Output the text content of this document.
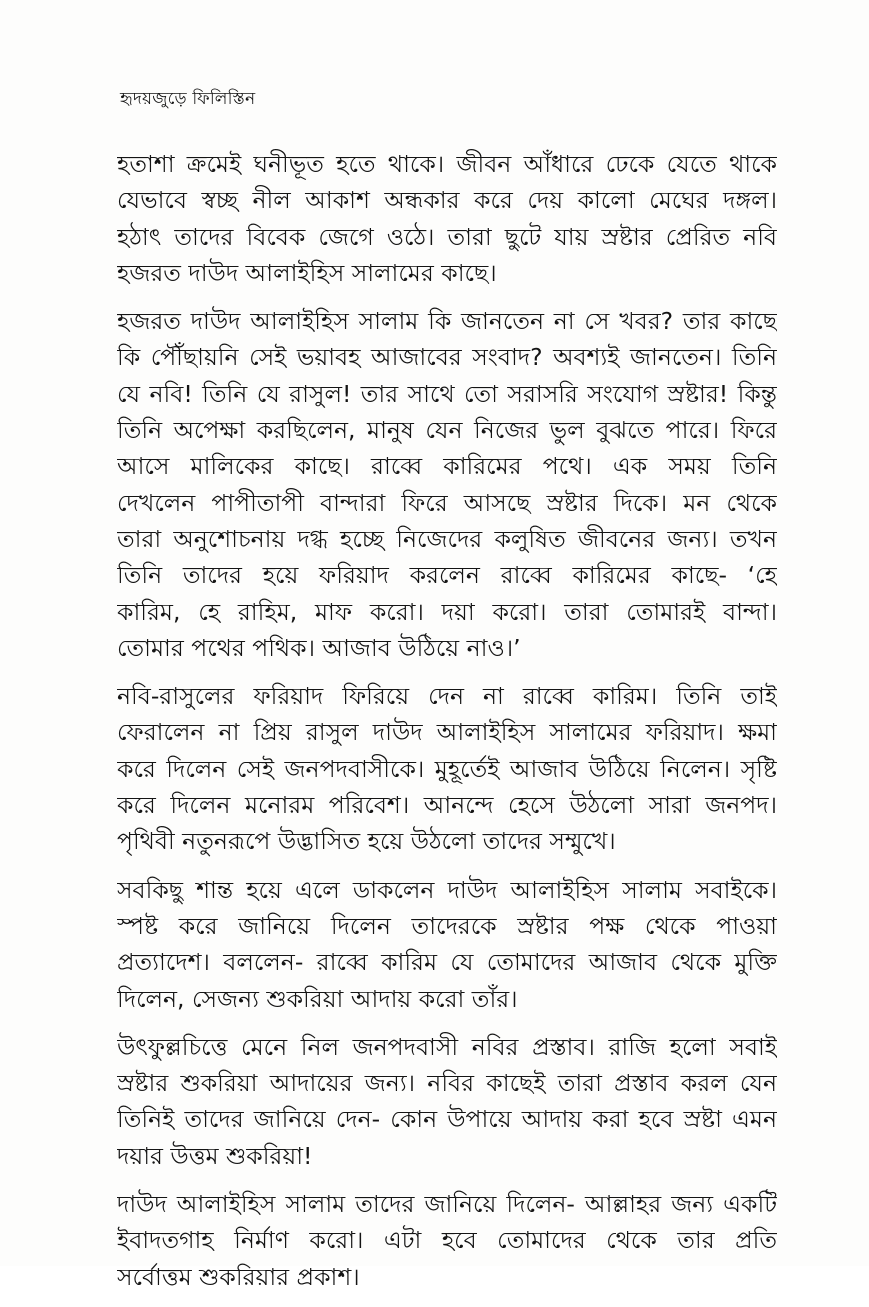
হৃদয়জুড়ে ফিলিস্তিন
হতাশা ক্রমেই ঘনীভূত হতে থাকে। জীবন আঁধারে ঢেকে যেতে থাকে
যেভাবে স্বচ্ছ নীল আকাশ অন্ধকার করে দেয় কালো মেঘের দঙ্গল।
হঠাৎ তাদের বিবেক জেগে ওঠে। তারা ছুটে যায় স্রষ্টার প্রেরিত নবি
হজরত দাউদ আলাইহিস সালামের কাছে।
হজরত দাউদ আলাইহিস সালাম কি জানতেন না সে খবর? তার কাছে
কি পৌঁছায়নি সেই ভয়াবহ আজাবের সংবাদ? অবশ্যই জানতেন। তিনি
যে নবি! তিনি যে রাসুল! তার সাথে তো সরাসরি সংযোগ স্রষ্টার! কিন্তু
তিনি অপেক্ষা করছিলেন, মানুষ যেন নিজের ভুল বুঝতে পারে। ফিরে
আসে মালিকের কাছে। রাব্বে কারিমের পথে। এক সময় তিনি
দেখলেন পাপীতাপী বান্দারা ফিরে আসছে স্রষ্টার দিকে। মন থেকে
তারা অনুশোচনায় দগ্ধ হচ্ছে নিজেদের কলুষিত জীবনের জন্য। তখন
তিনি তাদের হয়ে ফরিয়াদ করলেন রাব্বে কারিমের কাছে- ‘হে
কারিম, হে রাহিম, মাফ করো। দয়া করো। তারা তোমারই বান্দা।
তোমার পথের পথিক। আজাব উঠিয়ে নাও।’
নবি-রাসুলের ফরিয়াদ ফিরিয়ে দেন না রাব্বে কারিম। তিনি তাই
ফেরালেন না প্রিয় রাসুল দাউদ আলাইহিস সালামের ফরিয়াদ। ক্ষমা
করে দিলেন সেই জনপদবাসীকে। মুহূর্তেই আজাব উঠিয়ে নিলেন। সৃষ্টি
করে দিলেন মনোরম পরিবেশ। আনন্দে হেসে উঠলো সারা জনপদ।
পৃথিবী নতুনরূপে উদ্ভাসিত হয়ে উঠলো তাদের সম্মুখে।
সবকিছু শান্ত হয়ে এলে ডাকলেন দাউদ আলাইহিস সালাম সবাইকে।
স্পষ্ট করে জানিয়ে দিলেন তাদেরকে স্রষ্টার পক্ষ থেকে পাওয়া
প্রত্যাদেশ। বললেন- রাব্বে কারিম যে তোমাদের আজাব থেকে মুক্তি
দিলেন, সেজন্য শুকরিয়া আদায় করো তাঁর।
উৎফুল্লচিত্তে মেনে নিল জনপদবাসী নবির প্রস্তাব। রাজি হলো সবাই
স্রষ্টার শুকরিয়া আদায়ের জন্য। নবির কাছেই তারা প্রস্তাব করল যেন
তিনিই তাদের জানিয়ে দেন- কোন উপায়ে আদায় করা হবে স্রষ্টা এমন
দয়ার উত্তম শুকরিয়া!
দাউদ আলাইহিস সালাম তাদের জানিয়ে দিলেন- আল্লাহর জন্য একটি
ইবাদতগাহ নির্মাণ করো। এটা হবে তোমাদের থেকে তার প্রতি
সর্বোত্তম শুকরিয়ার প্রকাশ।
